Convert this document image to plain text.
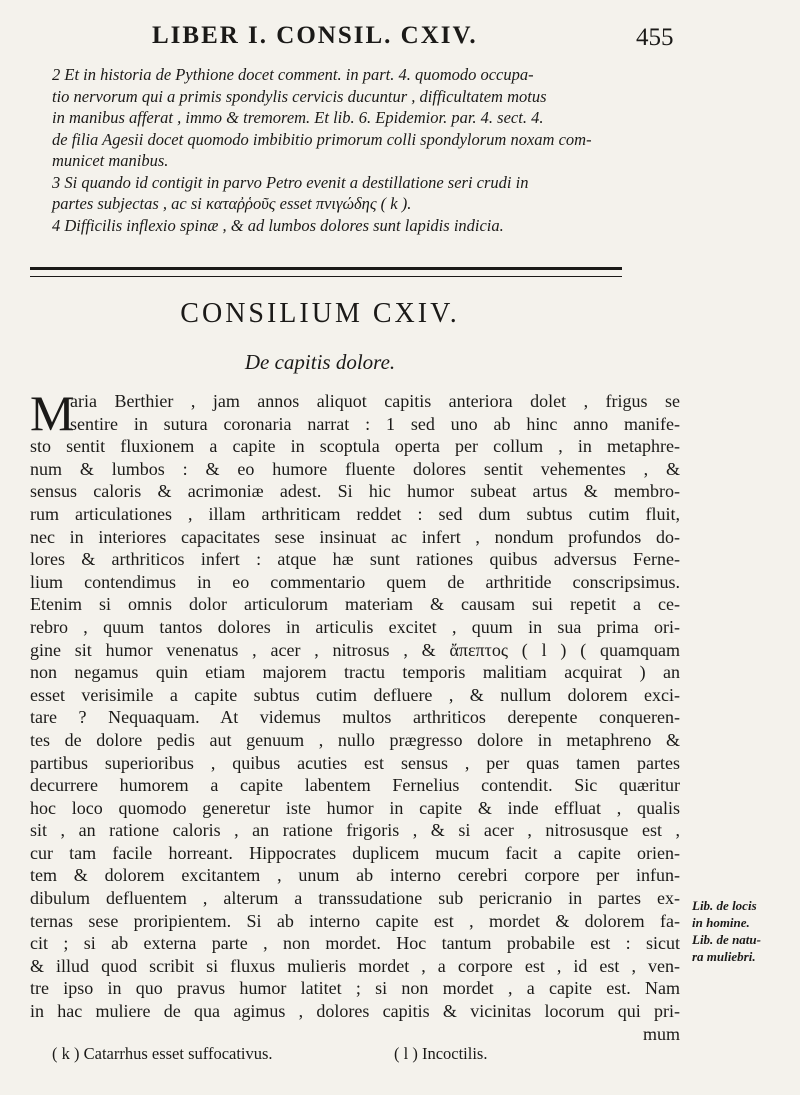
LIBER I. CONSIL. CXIV.	455
2 Et in historia de Pythione docet comment. in part. 4. quomodo occupa-
tio nervorum qui a primis spondylis cervicis ducuntur , difficultatem motus
in manibus afferat , immo & tremorem. Et lib. 6. Epidemior. par. 4. sect. 4.
de filia Agesii docet quomodo imbibitio primorum colli spondylorum noxam com-
municet manibus.
3 Si quando id contigit in parvo Petro evenit a destillatione seri crudi in
partes subjectas , ac si καταῤῥοῦς esset πνιγώδης ( k ).
4 Difficilis inflexio spinæ , & ad lumbos dolores sunt lapidis indicia.
CONSILIUM CXIV.
De capitis dolore.
M
aria Berthier , jam annos aliquot capitis anteriora dolet , frigus se
sentire in sutura coronaria narrat : 1 sed uno ab hinc anno manife-
sto sentit fluxionem a capite in scoptula operta per collum , in metaphre-
num & lumbos : & eo humore fluente dolores sentit vehementes , &
sensus caloris & acrimoniæ adest. Si hic humor subeat artus & membro-
rum articulationes , illam arthriticam reddet : sed dum subtus cutim fluit,
nec in interiores capacitates sese insinuat ac infert , nondum profundos do-
lores & arthriticos infert : atque hæ sunt rationes quibus adversus Ferne-
lium contendimus in eo commentario quem de arthritide conscripsimus.
Etenim si omnis dolor articulorum materiam & causam sui repetit a ce-
rebro , quum tantos dolores in articulis excitet , quum in sua prima ori-
gine sit humor venenatus , acer , nitrosus , & ἄπεπτος ( l ) ( quamquam
non negamus quin etiam majorem tractu temporis malitiam acquirat ) an
esset verisimile a capite subtus cutim defluere , & nullum dolorem exci-
tare ? Nequaquam. At videmus multos arthriticos derepente conqueren-
tes de dolore pedis aut genuum , nullo prægresso dolore in metaphreno &
partibus superioribus , quibus acuties est sensus , per quas tamen partes
decurrere humorem a capite labentem Fernelius contendit. Sic quæritur
hoc loco quomodo generetur iste humor in capite & inde effluat , qualis
sit , an ratione caloris , an ratione frigoris , & si acer , nitrosusque est ,
cur tam facile horreant. Hippocrates duplicem mucum facit a capite orien-
tem & dolorem excitantem , unum ab interno cerebri corpore per infun-
dibulum defluentem , alterum a transsudatione sub pericranio in partes ex-
ternas sese proripientem. Si ab interno capite est , mordet & dolorem fa-
cit ; si ab externa parte , non mordet. Hoc tantum probabile est : sicut
& illud quod scribit si fluxus mulieris mordet , a corpore est , id est , ven-
tre ipso in quo pravus humor latitet ; si non mordet , a capite est. Nam
in hac muliere de qua agimus , dolores capitis & vicinitas locorum qui pri-
mum
Lib. de locis
in homine.
Lib. de natu-
ra muliebri.
( k ) Catarrhus esset suffocativus.	( l ) Incoctilis.
